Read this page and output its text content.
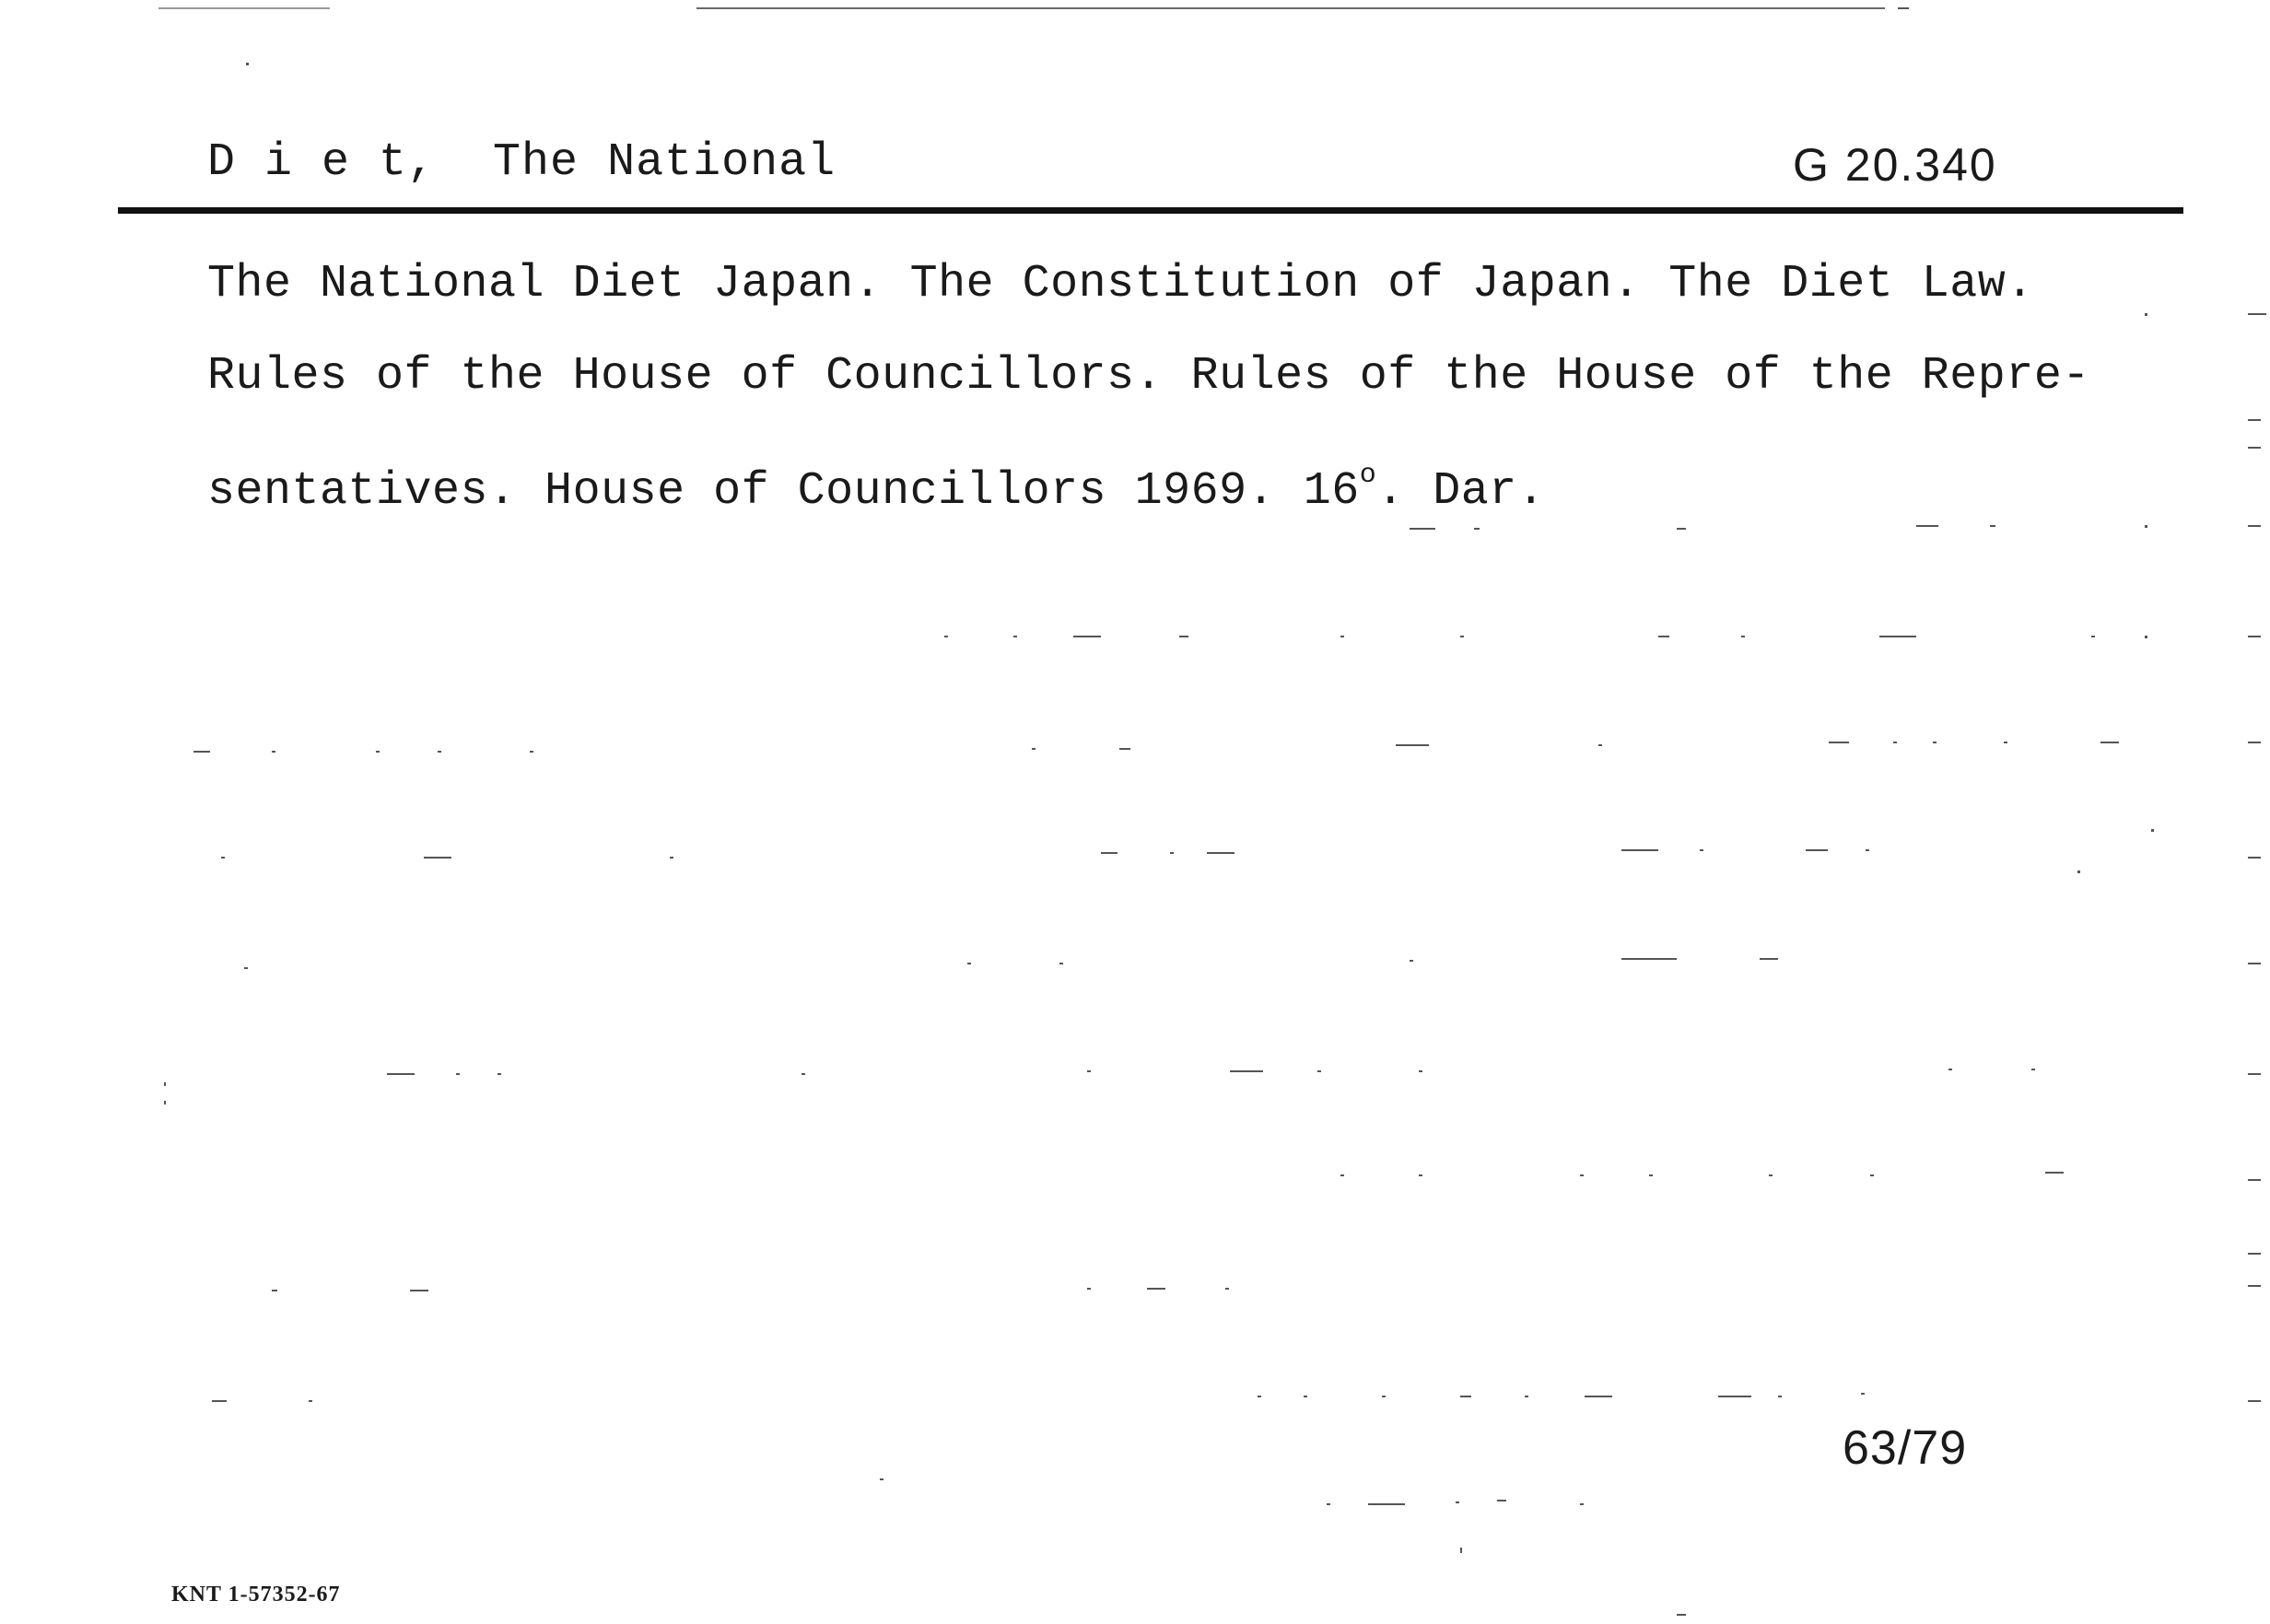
D i e t,  The National	G 20.340
The National Diet Japan. The Constitution of Japan. The Diet Law.
Rules of the House of Councillors. Rules of the House of the Repre-
sentatives. House of Councillors 1969. 16$^o$. Dar.
63/79
KNT 1-57352-67
